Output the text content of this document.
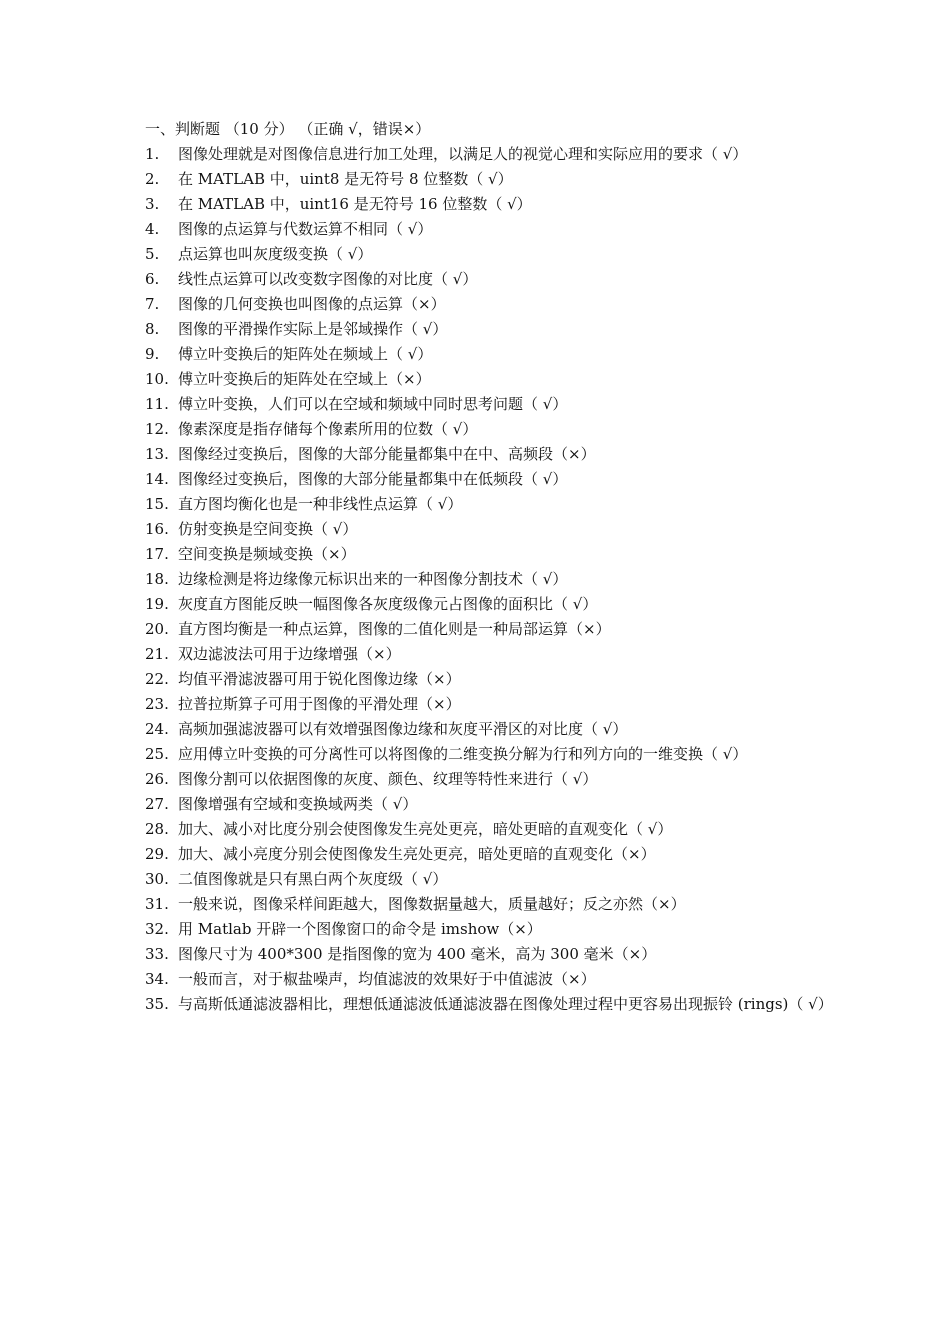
一、判断题 （10 分） （正确 √，错误×）
1.	图像处理就是对图像信息进行加工处理，以满足人的视觉心理和实际应用的要求（ √）
2.	在 MATLAB 中，uint8 是无符号 8 位整数（ √）
3.	在 MATLAB 中，uint16 是无符号 16 位整数（ √）
4.	图像的点运算与代数运算不相同（ √）
5.	点运算也叫灰度级变换（ √）
6.	线性点运算可以改变数字图像的对比度（ √）
7.	图像的几何变换也叫图像的点运算（×）
8.	图像的平滑操作实际上是邻域操作（ √）
9.	傅立叶变换后的矩阵处在频域上（ √）
10. 傅立叶变换后的矩阵处在空域上（×）
11. 傅立叶变换，人们可以在空域和频域中同时思考问题（ √）
12. 像素深度是指存储每个像素所用的位数（ √）
13. 图像经过变换后，图像的大部分能量都集中在中、高频段（×）
14. 图像经过变换后，图像的大部分能量都集中在低频段（ √）
15. 直方图均衡化也是一种非线性点运算（ √）
16. 仿射变换是空间变换（ √）
17. 空间变换是频域变换（×）
18. 边缘检测是将边缘像元标识出来的一种图像分割技术（ √）
19. 灰度直方图能反映一幅图像各灰度级像元占图像的面积比（ √）
20. 直方图均衡是一种点运算，图像的二值化则是一种局部运算（×）
21. 双边滤波法可用于边缘增强（×）
22. 均值平滑滤波器可用于锐化图像边缘（×）
23. 拉普拉斯算子可用于图像的平滑处理（×）
24. 高频加强滤波器可以有效增强图像边缘和灰度平滑区的对比度（ √）
25. 应用傅立叶变换的可分离性可以将图像的二维变换分解为行和列方向的一维变换（ √）
26. 图像分割可以依据图像的灰度、颜色、纹理等特性来进行（ √）
27. 图像增强有空域和变换域两类（ √）
28. 加大、减小对比度分别会使图像发生亮处更亮，暗处更暗的直观变化（ √）
29. 加大、减小亮度分别会使图像发生亮处更亮，暗处更暗的直观变化（×）
30. 二值图像就是只有黑白两个灰度级（ √）
31. 一般来说，图像采样间距越大，图像数据量越大，质量越好；反之亦然（×）
32. 用 Matlab 开辟一个图像窗口的命令是 imshow（×）
33. 图像尺寸为 400*300 是指图像的宽为 400 毫米，高为 300 毫米（×）
34. 一般而言，对于椒盐噪声，均值滤波的效果好于中值滤波（×）
35. 与高斯低通滤波器相比，理想低通滤波低通滤波器在图像处理过程中更容易出现振铃 (rings)（ √）
